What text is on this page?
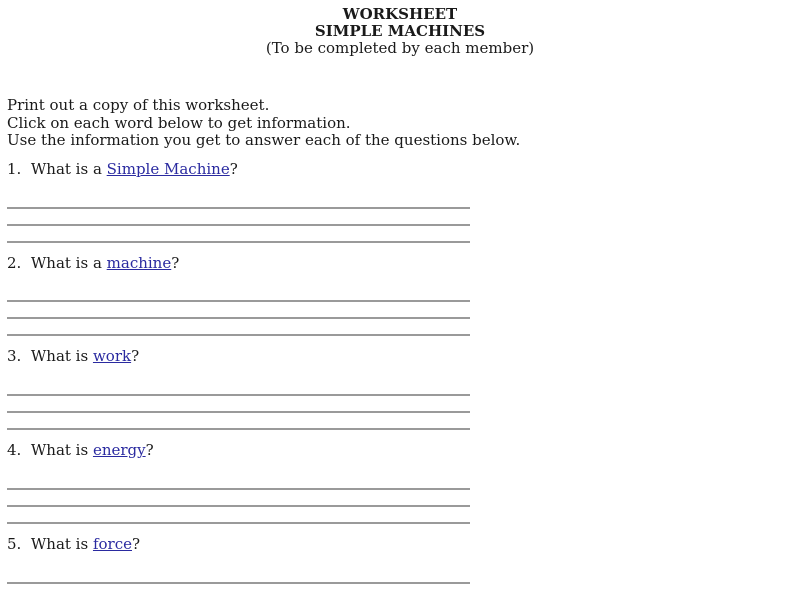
WORKSHEET
SIMPLE MACHINES
(To be completed by each member)
Print out a copy of this worksheet.
Click on each word below to get information.
Use the information you get to answer each of the questions below.
1. What is a Simple Machine?
2. What is a machine?
3. What is work?
4. What is energy?
5. What is force?
